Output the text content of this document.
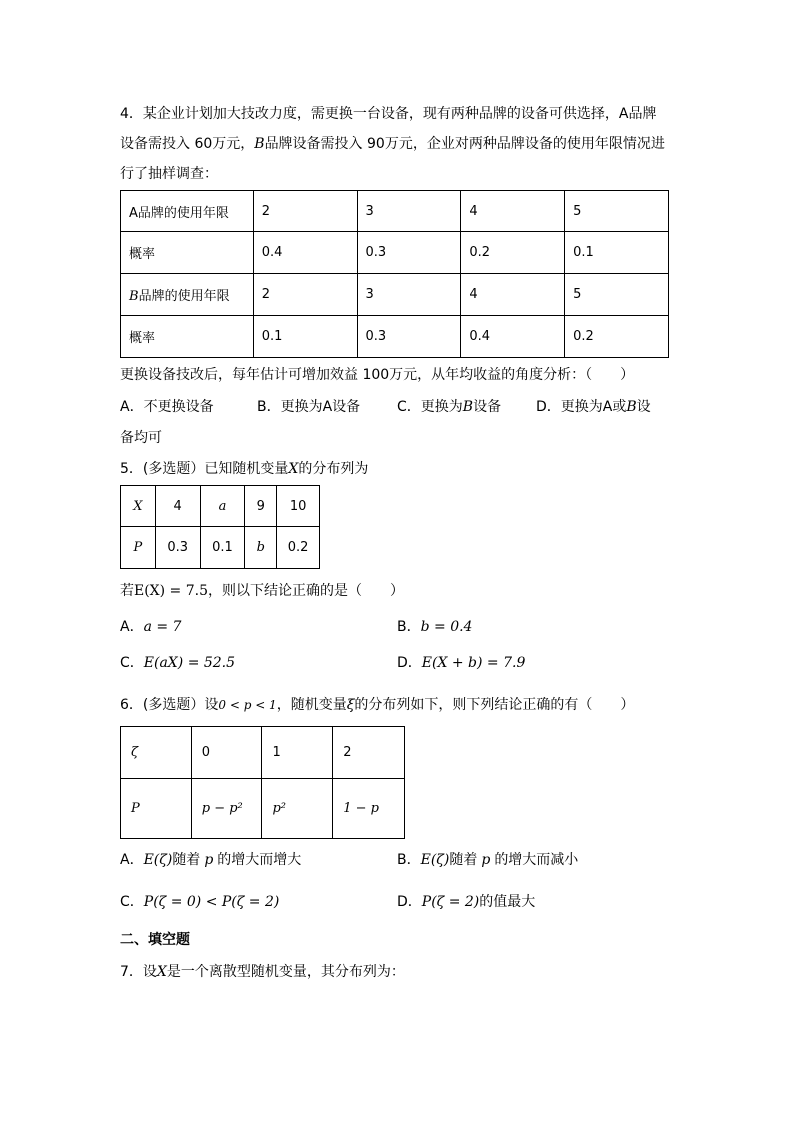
4．某企业计划加大技改力度，需更换一台设备，现有两种品牌的设备可供选择，A品牌
设备需投入 60万元，B品牌设备需投入 90万元，企业对两种品牌设备的使用年限情况进
行了抽样调查：
A品牌的使用年限	2	3	4	5
概率	0.4	0.3	0.2	0.1
B品牌的使用年限	2	3	4	5
概率	0.1	0.3	0.4	0.2
更换设备技改后，每年估计可增加效益 100万元，从年均收益的角度分析：（　　）
A．不更换设备	B．更换为A设备	C．更换为B设备 D．更换为A或B设
备均可
5．(多选题）已知随机变量X的分布列为
X	4	a	9	10
P	0.3	0.1	b	0.2
若E(X) = 7.5，则以下结论正确的是（　　）
A．a = 7	B．b = 0.4
C．E(aX) = 52.5	D．E(X + b) = 7.9
6．(多选题）设0 < p < 1，随机变量ξ的分布列如下，则下列结论正确的有（　　）
ζ	0	1	2
P	p − p²	p²	1 − p
A．E(ζ)随着 p 的增大而增大	B．E(ζ)随着 p 的增大而减小
C．P(ζ = 0) < P(ζ = 2)	D．P(ζ = 2)的值最大
二、填空题
7．设X是一个离散型随机变量，其分布列为：
